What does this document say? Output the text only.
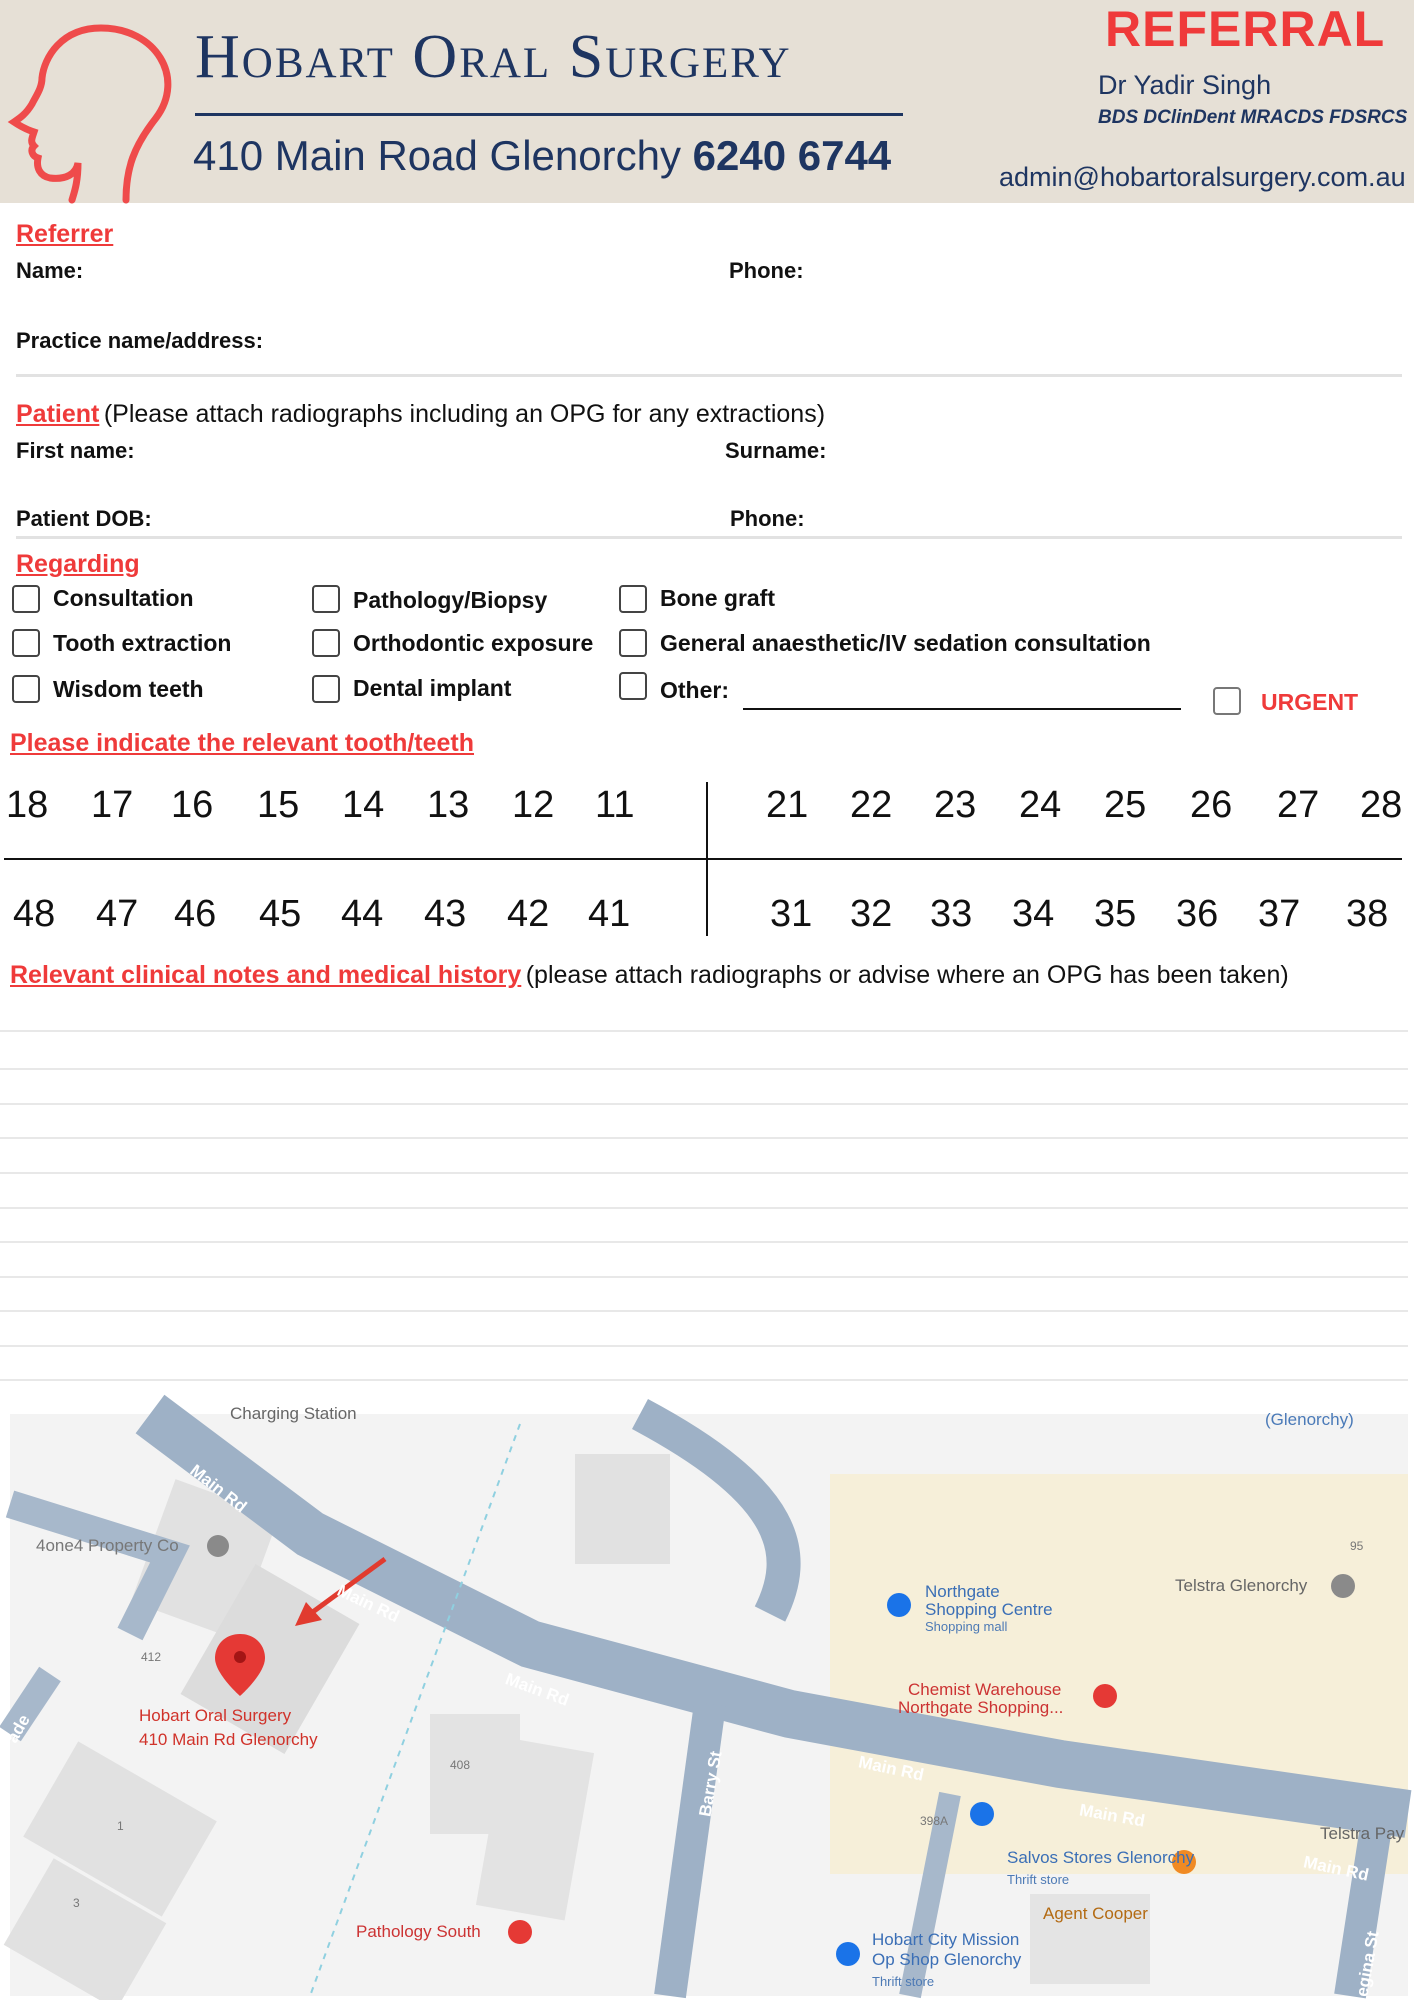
Hobart Oral Surgery
410 Main Road Glenorchy 6240 6744
REFERRAL
Dr Yadir Singh
BDS DClinDent MRACDS FDSRCS
admin@hobartoralsurgery.com.au
Referrer
Name:	Phone:
Practice name/address:
Patient (Please attach radiographs including an OPG for any extractions)
First name:	Surname:
Patient DOB:	Phone:
Regarding
Consultation	Pathology/Biopsy	Bone graft
Tooth extraction	Orthodontic exposure	General anaesthetic/IV sedation consultation
Wisdom teeth	Dental implant	Other:	URGENT
Please indicate the relevant tooth/teeth
18 17 16 15 14 13 12 11	21 22 23 24 25 26 27 28
48 47 46 45 44 43 42 41	31 32 33 34 35 36 37 38
Relevant clinical notes and medical history (please attach radiographs or advise where an OPG has been taken)
Charging Station	(Glenorchy)
Main Rd
4one4 Property Co	95
Telstra Glenorchy
Main Rd	Northgate
Shopping Centre
Shopping mall
412
Chemist Warehouse
Northgate Shopping...
Main Rd
Hobart Oral Surgery
410 Main Rd Glenorchy
408	Main Rd
Barry St
398A	Main Rd
Salvos Stores Glenorchy
Thrift store
Telstra Pay
Main Rd
1
3
Agent Cooper
Pathology South	Hobart City Mission
Op Shop Glenorchy
Thrift store
ade
egina St
